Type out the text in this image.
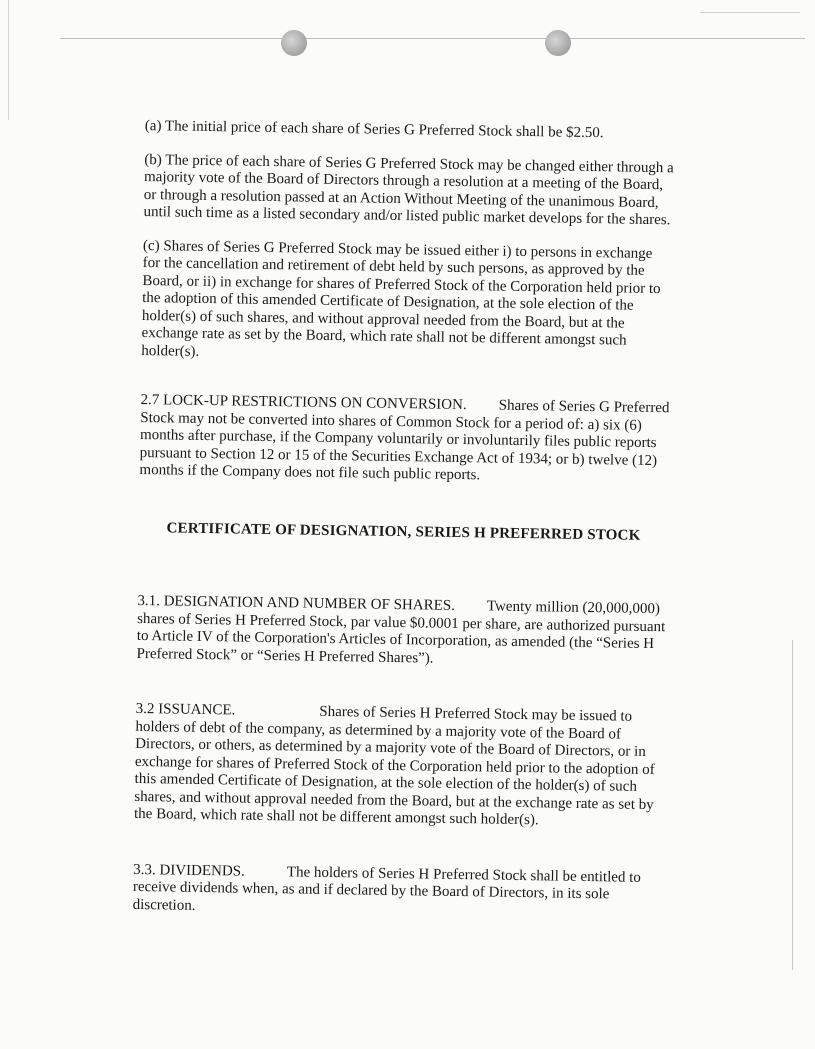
(a) The initial price of each share of Series G Preferred Stock shall be $2.50.

(b) The price of each share of Series G Preferred Stock may be changed either through a majority vote of the Board of Directors through a resolution at a meeting of the Board, or through a resolution passed at an Action Without Meeting of the unanimous Board, until such time as a listed secondary and/or listed public market develops for the shares.

(c) Shares of Series G Preferred Stock may be issued either i) to persons in exchange for the cancellation and retirement of debt held by such persons, as approved by the Board, or ii) in exchange for shares of Preferred Stock of the Corporation held prior to the adoption of this amended Certificate of Designation, at the sole election of the holder(s) of such shares, and without approval needed from the Board, but at the exchange rate as set by the Board, which rate shall not be different amongst such holder(s).

2.7 LOCK-UP RESTRICTIONS ON CONVERSION. Shares of Series G Preferred Stock may not be converted into shares of Common Stock for a period of: a) six (6) months after purchase, if the Company voluntarily or involuntarily files public reports pursuant to Section 12 or 15 of the Securities Exchange Act of 1934; or b) twelve (12) months if the Company does not file such public reports.

CERTIFICATE OF DESIGNATION, SERIES H PREFERRED STOCK

3.1. DESIGNATION AND NUMBER OF SHARES. Twenty million (20,000,000) shares of Series H Preferred Stock, par value $0.0001 per share, are authorized pursuant to Article IV of the Corporation's Articles of Incorporation, as amended (the “Series H Preferred Stock” or “Series H Preferred Shares”).

3.2 ISSUANCE.	Shares of Series H Preferred Stock may be issued to holders of debt of the company, as determined by a majority vote of the Board of Directors, or others, as determined by a majority vote of the Board of Directors, or in exchange for shares of Preferred Stock of the Corporation held prior to the adoption of this amended Certificate of Designation, at the sole election of the holder(s) of such shares, and without approval needed from the Board, but at the exchange rate as set by the Board, which rate shall not be different amongst such holder(s).

3.3. DIVIDENDS.	The holders of Series H Preferred Stock shall be entitled to receive dividends when, as and if declared by the Board of Directors, in its sole discretion.
